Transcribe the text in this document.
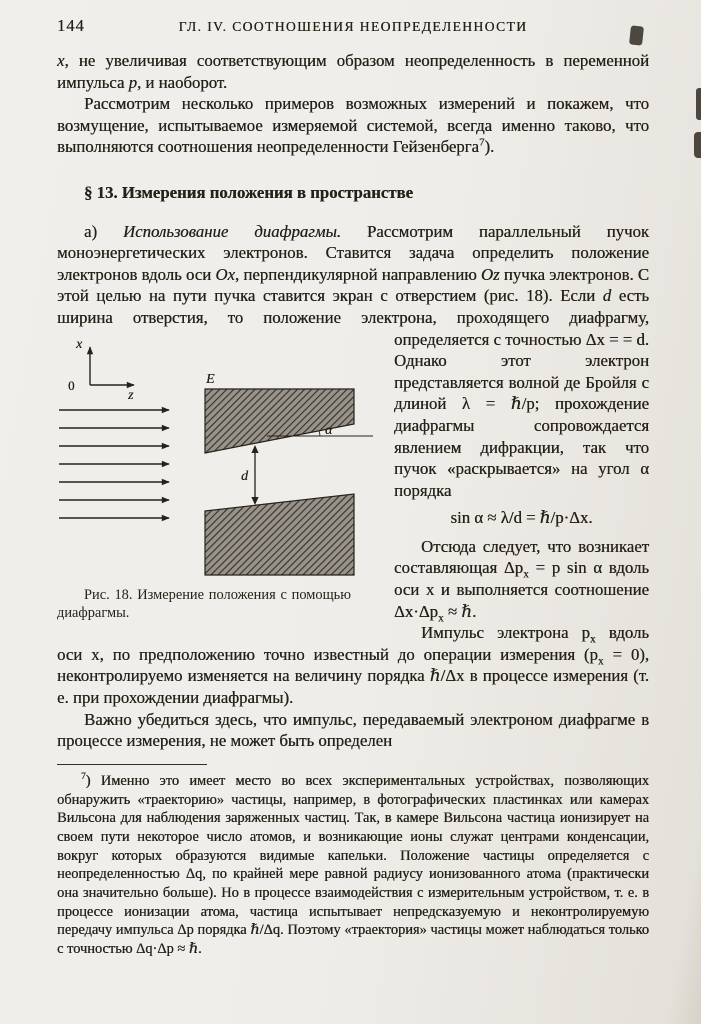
144	ГЛ. IV. СООТНОШЕНИЯ НЕОПРЕДЕЛЕННОСТИ
x, не увеличивая соответствующим образом неопределенность в переменной импульса p, и наоборот.
Рассмотрим несколько примеров возможных измерений и покажем, что возмущение, испытываемое измеряемой системой, всегда именно таково, что выполняются соотношения неопределенности Гейзенберга$^7$).
§ 13. Измерения положения в пространстве
а) Использование диафрагмы. Рассмотрим параллельный пучок моноэнергетических электронов. Ставится задача определить положение электронов вдоль оси Ox, перпендикулярной направлению Oz пучка электронов. С этой целью на пути пучка ставится экран с отверстием (рис. 18). Если d есть ширина отверстия, то положение электрона, проходящего диафрагму,
x
0
z
E
α
d
Рис. 18. Измерение положения с помощью диафрагмы.
определяется с точностью Δx = = d. Однако этот электрон представляется волной де Бройля с длиной λ = ℏ/p; прохождение диафрагмы сопровождается явлением дифракции, так что пучок «раскрывается» на угол α порядка
sin α ≈ λ/d = ℏ/p·Δx.
Отсюда следует, что возникает составляющая $\Delta p_x = p$ sin α вдоль оси x и выполняется соотношение $\Delta x\cdot\Delta p_x$ ≈ ℏ.
Импульс электрона $p_x$ вдоль оси x, по предположению точно известный до операции измерения $(p_x = 0)$, неконтролируемо изменяется на величину порядка ℏ/Δx в процессе измерения (т. е. при прохождении диафрагмы).
Важно убедиться здесь, что импульс, передаваемый электроном диафрагме в процессе измерения, не может быть определен
$^7$) Именно это имеет место во всех экспериментальных устройствах, позволяющих обнаружить «траекторию» частицы, например, в фотографических пластинках или камерах Вильсона для наблюдения заряженных частиц. Так, в камере Вильсона частица ионизирует на своем пути некоторое число атомов, и возникающие ионы служат центрами конденсации, вокруг которых образуются видимые капельки. Положение частицы определяется с неопределенностью Δq, по крайней мере равной радиусу ионизованного атома (практически она значительно больше). Но в процессе взаимодействия с измерительным устройством, т. е. в процессе ионизации атома, частица испытывает непредсказуемую и неконтролируемую передачу импульса Δp порядка ℏ/Δq. Поэтому «траектория» частицы может наблюдаться только с точностью Δq·Δp ≈ ℏ.
